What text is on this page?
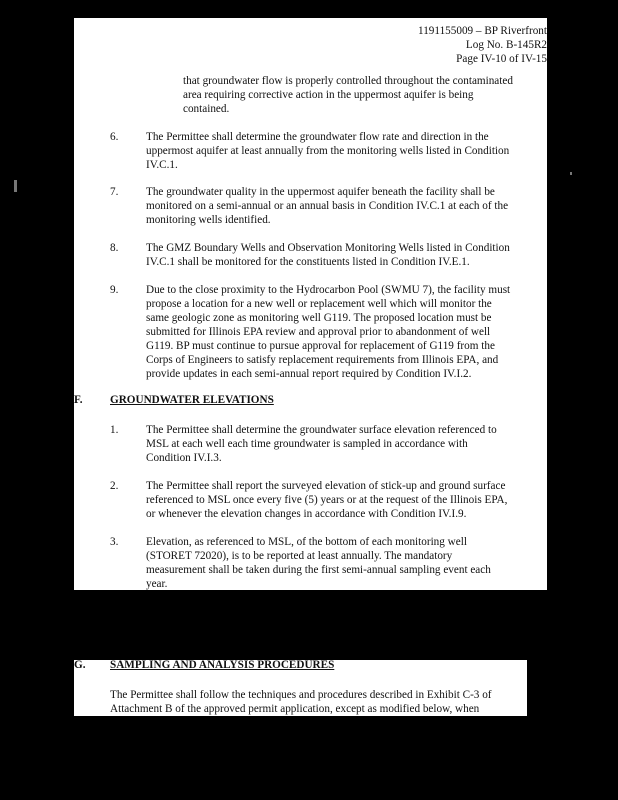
1191155009 – BP Riverfront
Log No. B-145R2
Page IV-10 of IV-15
that groundwater flow is properly controlled throughout the contaminated
area requiring corrective action in the uppermost aquifer is being
contained.
6. The Permittee shall determine the groundwater flow rate and direction in the
uppermost aquifer at least annually from the monitoring wells listed in Condition
IV.C.1.
7. The groundwater quality in the uppermost aquifer beneath the facility shall be
monitored on a semi-annual or an annual basis in Condition IV.C.1 at each of the
monitoring wells identified.
8. The GMZ Boundary Wells and Observation Monitoring Wells listed in Condition
IV.C.1 shall be monitored for the constituents listed in Condition IV.E.1.
9. Due to the close proximity to the Hydrocarbon Pool (SWMU 7), the facility must
propose a location for a new well or replacement well which will monitor the
same geologic zone as monitoring well G119. The proposed location must be
submitted for Illinois EPA review and approval prior to abandonment of well
G119. BP must continue to pursue approval for replacement of G119 from the
Corps of Engineers to satisfy replacement requirements from Illinois EPA, and
provide updates in each semi-annual report required by Condition IV.I.2.
F. GROUNDWATER ELEVATIONS
1. The Permittee shall determine the groundwater surface elevation referenced to
MSL at each well each time groundwater is sampled in accordance with
Condition IV.I.3.
2. The Permittee shall report the surveyed elevation of stick-up and ground surface
referenced to MSL once every five (5) years or at the request of the Illinois EPA,
or whenever the elevation changes in accordance with Condition IV.I.9.
3. Elevation, as referenced to MSL, of the bottom of each monitoring well
(STORET 72020), is to be reported at least annually. The mandatory
measurement shall be taken during the first semi-annual sampling event each
year.
G. SAMPLING AND ANALYSIS PROCEDURES
The Permittee shall follow the techniques and procedures described in Exhibit C-3 of
Attachment B of the approved permit application, except as modified below, when
